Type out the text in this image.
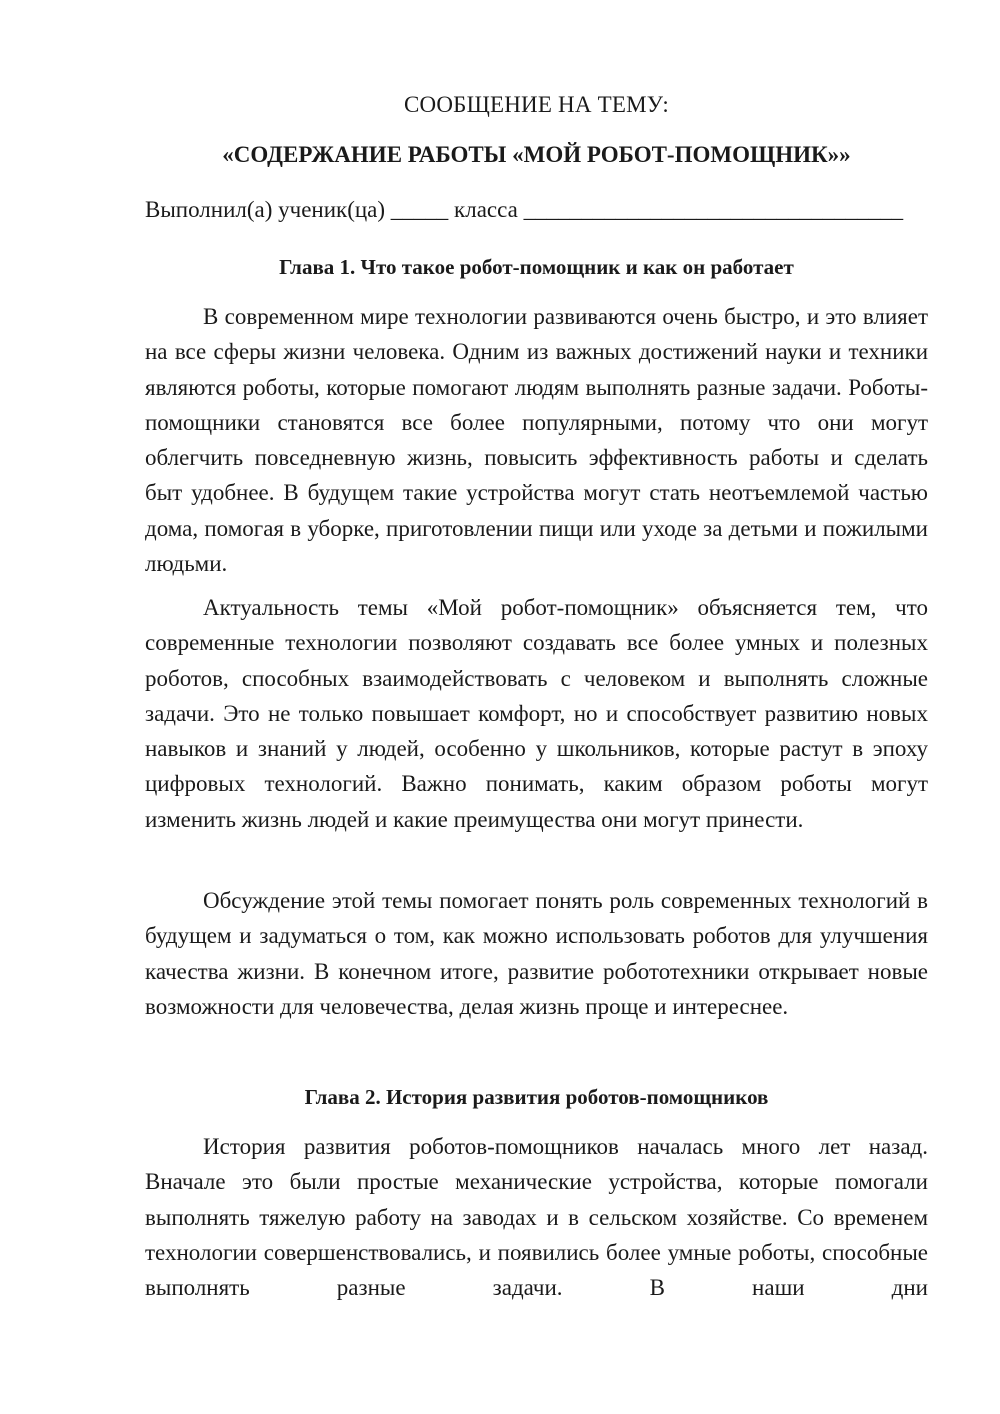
СООБЩЕНИЕ НА ТЕМУ:
«СОДЕРЖАНИЕ РАБОТЫ «МОЙ РОБОТ-ПОМОЩНИК»»
Выполнил(а) ученик(ца) _____ класса _________________________________
Глава 1. Что такое робот-помощник и как он работает

В современном мире технологии развиваются очень быстро, и это влияет на все сферы жизни человека. Одним из важных достижений науки и техники являются роботы, которые помогают людям выполнять разные задачи. Роботы-помощники становятся все более популярными, потому что они могут облегчить повседневную жизнь, повысить эффективность работы и сделать быт удобнее. В будущем такие устройства могут стать неотъемлемой частью дома, помогая в уборке, приготовлении пищи или уходе за детьми и пожилыми людьми.

Актуальность темы «Мой робот-помощник» объясняется тем, что современные технологии позволяют создавать все более умных и полезных роботов, способных взаимодействовать с человеком и выполнять сложные задачи. Это не только повышает комфорт, но и способствует развитию новых навыков и знаний у людей, особенно у школьников, которые растут в эпоху цифровых технологий. Важно понимать, каким образом роботы могут изменить жизнь людей и какие преимущества они могут принести.

Обсуждение этой темы помогает понять роль современных технологий в будущем и задуматься о том, как можно использовать роботов для улучшения качества жизни. В конечном итоге, развитие робототехники открывает новые возможности для человечества, делая жизнь проще и интереснее.

Глава 2. История развития роботов-помощников

История развития роботов-помощников началась много лет назад. Вначале это были простые механические устройства, которые помогали выполнять тяжелую работу на заводах и в сельском хозяйстве. Со временем технологии совершенствовались, и появились более умные роботы, способные выполнять разные задачи. В наши дни
